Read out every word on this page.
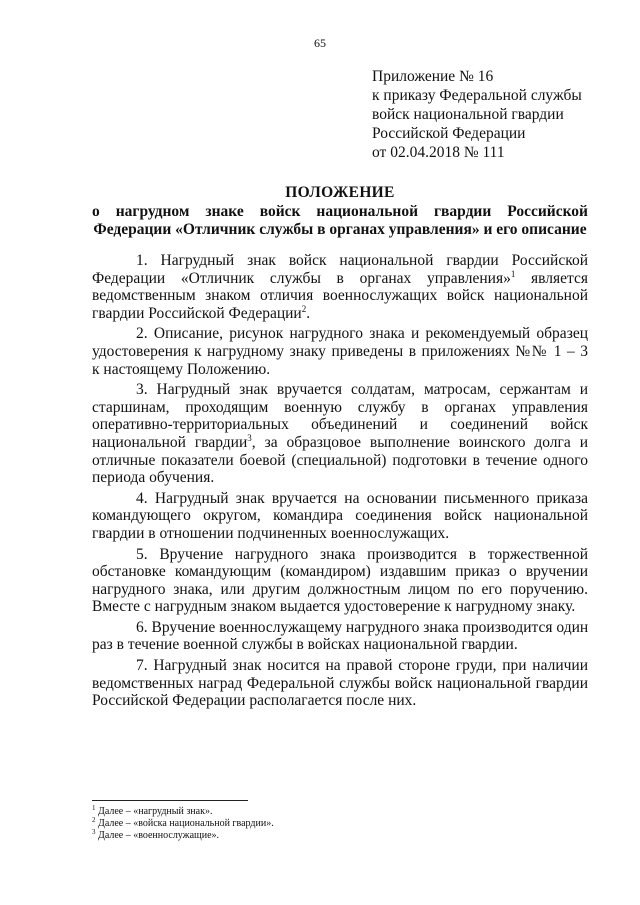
65
Приложение № 16
к приказу Федеральной службы
войск национальной гвардии
Российской Федерации
от 02.04.2018 № 111
ПОЛОЖЕНИЕ
о нагрудном знаке войск национальной гвардии Российской
Федерации «Отличник службы в органах управления» и его описание
1. Нагрудный знак войск национальной гвардии Российской
Федерации «Отличник службы в органах управления»$^1$ является
ведомственным знаком отличия военнослужащих войск национальной
гвардии Российской Федерации$^2$.
2. Описание, рисунок нагрудного знака и рекомендуемый образец
удостоверения к нагрудному знаку приведены в приложениях №№ 1 – 3
к настоящему Положению.
3. Нагрудный знак вручается солдатам, матросам, сержантам и
старшинам, проходящим военную службу в органах управления
оперативно-территориальных объединений и соединений войск
национальной гвардии$^3$, за образцовое выполнение воинского долга и
отличные показатели боевой (специальной) подготовки в течение одного
периода обучения.
4. Нагрудный знак вручается на основании письменного приказа
командующего округом, командира соединения войск национальной
гвардии в отношении подчиненных военнослужащих.
5. Вручение нагрудного знака производится в торжественной
обстановке командующим (командиром) издавшим приказ о вручении
нагрудного знака, или другим должностным лицом по его поручению.
Вместе с нагрудным знаком выдается удостоверение к нагрудному знаку.
6. Вручение военнослужащему нагрудного знака производится один
раз в течение военной службы в войсках национальной гвардии.
7. Нагрудный знак носится на правой стороне груди, при наличии
ведомственных наград Федеральной службы войск национальной гвардии
Российской Федерации располагается после них.
$^1$ Далее – «нагрудный знак».
$^2$ Далее – «войска национальной гвардии».
$^3$ Далее – «военнослужащие».
